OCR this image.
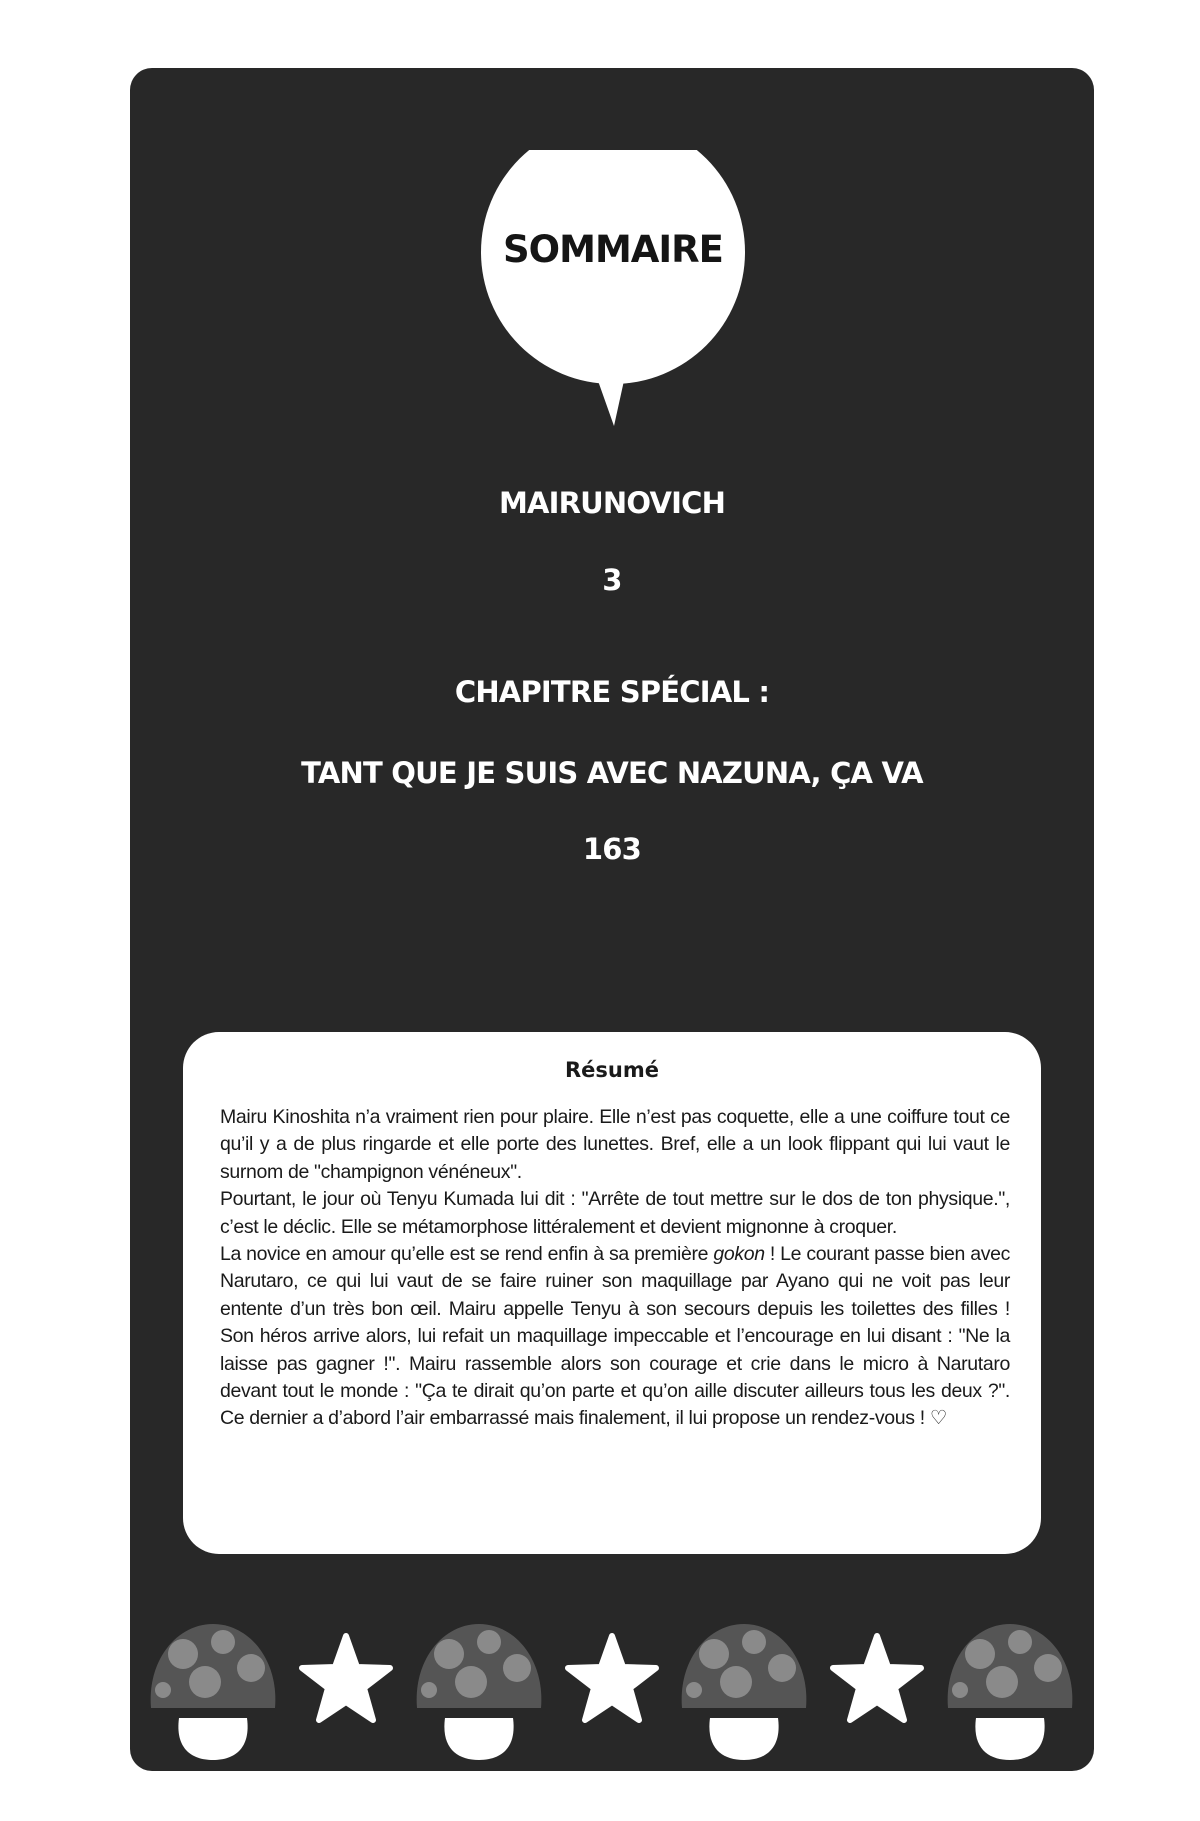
SOMMAIRE
MAIRUNOVICH
3
CHAPITRE SPÉCIAL :
TANT QUE JE SUIS AVEC NAZUNA, ÇA VA
163
Résumé

Mairu Kinoshita n’a vraiment rien pour plaire. Elle n’est pas coquette, elle a une coiffure tout ce qu’il y a de plus ringarde et elle porte des lunettes. Bref, elle a un look flippant qui lui vaut le surnom de "champignon vénéneux".

Pourtant, le jour où Tenyu Kumada lui dit : "Arrête de tout mettre sur le dos de ton physique.", c’est le déclic. Elle se métamorphose littéralement et devient mignonne à croquer.

La novice en amour qu’elle est se rend enfin à sa première gokon ! Le courant passe bien avec Narutaro, ce qui lui vaut de se faire ruiner son maquillage par Ayano qui ne voit pas leur entente d’un très bon œil. Mairu appelle Tenyu à son secours depuis les toilettes des filles ! Son héros arrive alors, lui refait un maquillage impeccable et l’encourage en lui disant : "Ne la laisse pas gagner !". Mairu rassemble alors son courage et crie dans le micro à Narutaro devant tout le monde : "Ça te dirait qu’on parte et qu’on aille discuter ailleurs tous les deux ?". Ce dernier a d’abord l’air embarrassé mais finalement, il lui propose un rendez-vous ! ♡
